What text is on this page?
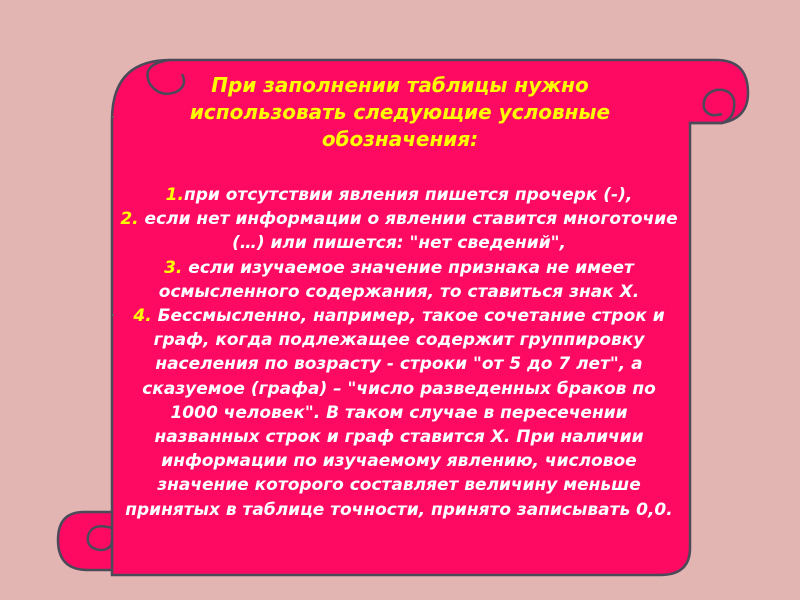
При заполнении таблицы нужно использовать следующие условные обозначения:

1.при отсутствии явления пишется прочерк (-),
2. если нет информации о явлении ставится многоточие (…) или пишется: "нет сведений",
3. если изучаемое значение признака не имеет осмысленного содержания, то ставиться знак Х.
4. Бессмысленно, например, такое сочетание строк и граф, когда подлежащее содержит группировку населения по возрасту - строки "от 5 до 7 лет", а сказуемое (графа) – "число разведенных браков по 1000 человек". В таком случае в пересечении названных строк и граф ставится Х. При наличии информации по изучаемому явлению, числовое значение которого составляет величину меньше принятых в таблице точности, принято записывать 0,0.
